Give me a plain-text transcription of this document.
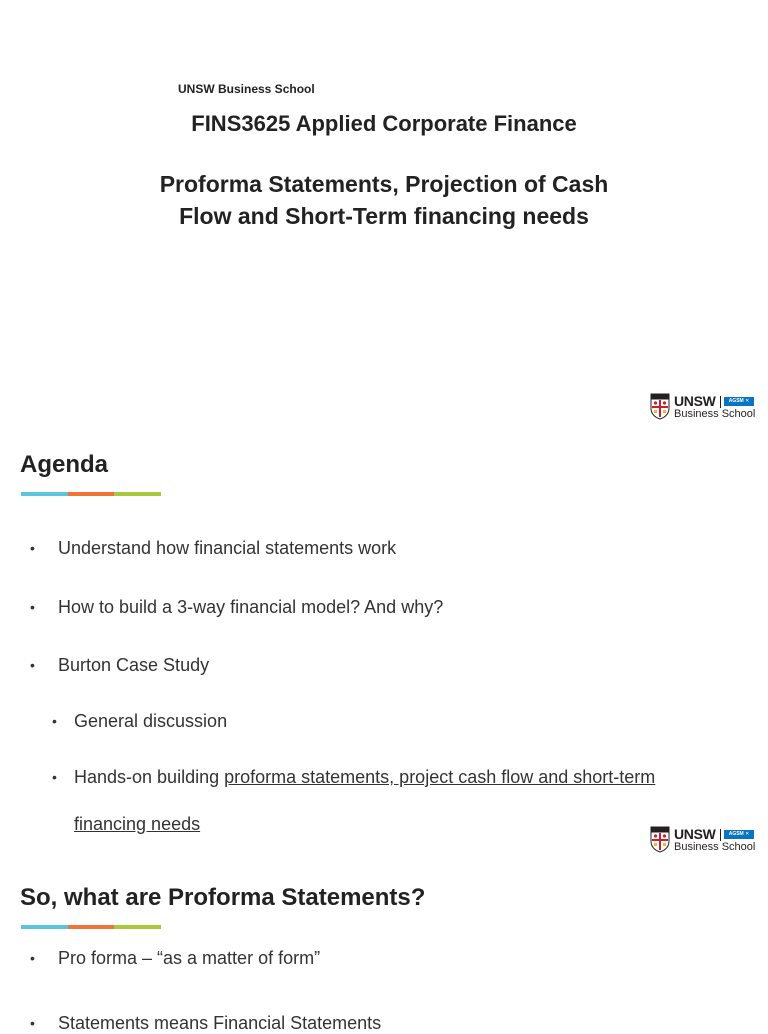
UNSW Business School
FINS3625 Applied Corporate Finance
Proforma Statements, Projection of Cash
Flow and Short-Term financing needs
UNSW	AGSM ✕
Business School
Agenda
• Understand how financial statements work
• How to build a 3-way financial model? And why?
• Burton Case Study
• General discussion
• Hands-on building proforma statements, project cash flow and short-term
financing needs	UNSW	AGSM ✕
Business School
So, what are Proforma Statements?
• Pro forma – “as a matter of form”
• Statements means Financial Statements
